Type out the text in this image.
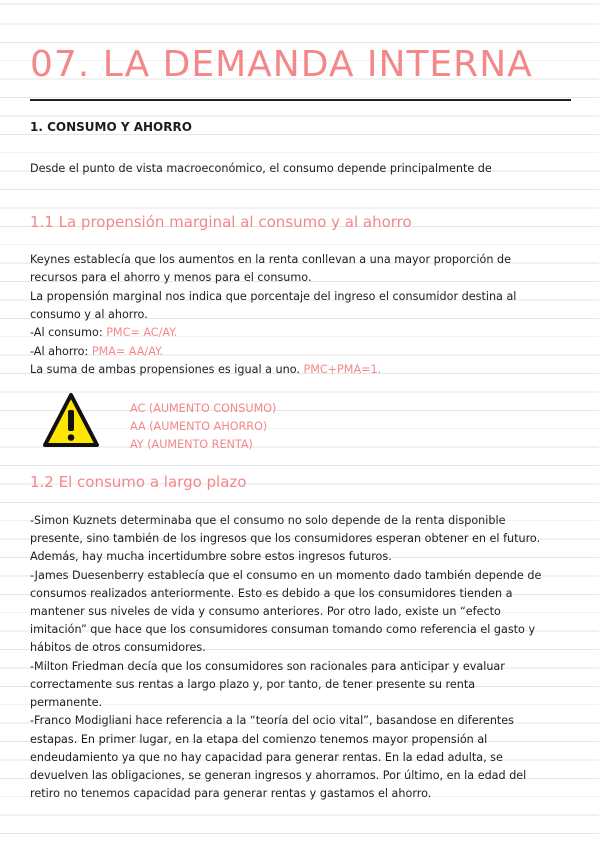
07. LA DEMANDA INTERNA
1. CONSUMO Y AHORRO
Desde el punto de vista macroeconómico, el consumo depende principalmente de
1.1 La propensión marginal al consumo y al ahorro
Keynes establecía que los aumentos en la renta conllevan a una mayor proporción de
recursos para el ahorro y menos para el consumo.
La propensión marginal nos indica que porcentaje del ingreso el consumidor destina al
consumo y al ahorro.
-Al consumo: PMC= AC/AY.
-Al ahorro: PMA= AA/AY.
La suma de ambas propensiones es igual a uno. PMC+PMA=1.
AC (AUMENTO CONSUMO)
AA (AUMENTO AHORRO)
AY (AUMENTO RENTA)
1.2 El consumo a largo plazo
-Simon Kuznets determinaba que el consumo no solo depende de la renta disponible
presente, sino también de los ingresos que los consumidores esperan obtener en el futuro.
Además, hay mucha incertidumbre sobre estos ingresos futuros.
-James Duesenberry establecía que el consumo en un momento dado también depende de
consumos realizados anteriormente. Esto es debido a que los consumidores tienden a
mantener sus niveles de vida y consumo anteriores. Por otro lado, existe un “efecto
imitación” que hace que los consumidores consuman tomando como referencia el gasto y
hábitos de otros consumidores.
-Milton Friedman decía que los consumidores son racionales para anticipar y evaluar
correctamente sus rentas a largo plazo y, por tanto, de tener presente su renta
permanente.
-Franco Modigliani hace referencia a la “teoría del ocio vital”, basandose en diferentes
estapas. En primer lugar, en la etapa del comienzo tenemos mayor propensión al
endeudamiento ya que no hay capacidad para generar rentas. En la edad adulta, se
devuelven las obligaciones, se generan ingresos y ahorramos. Por último, en la edad del
retiro no tenemos capacidad para generar rentas y gastamos el ahorro.
